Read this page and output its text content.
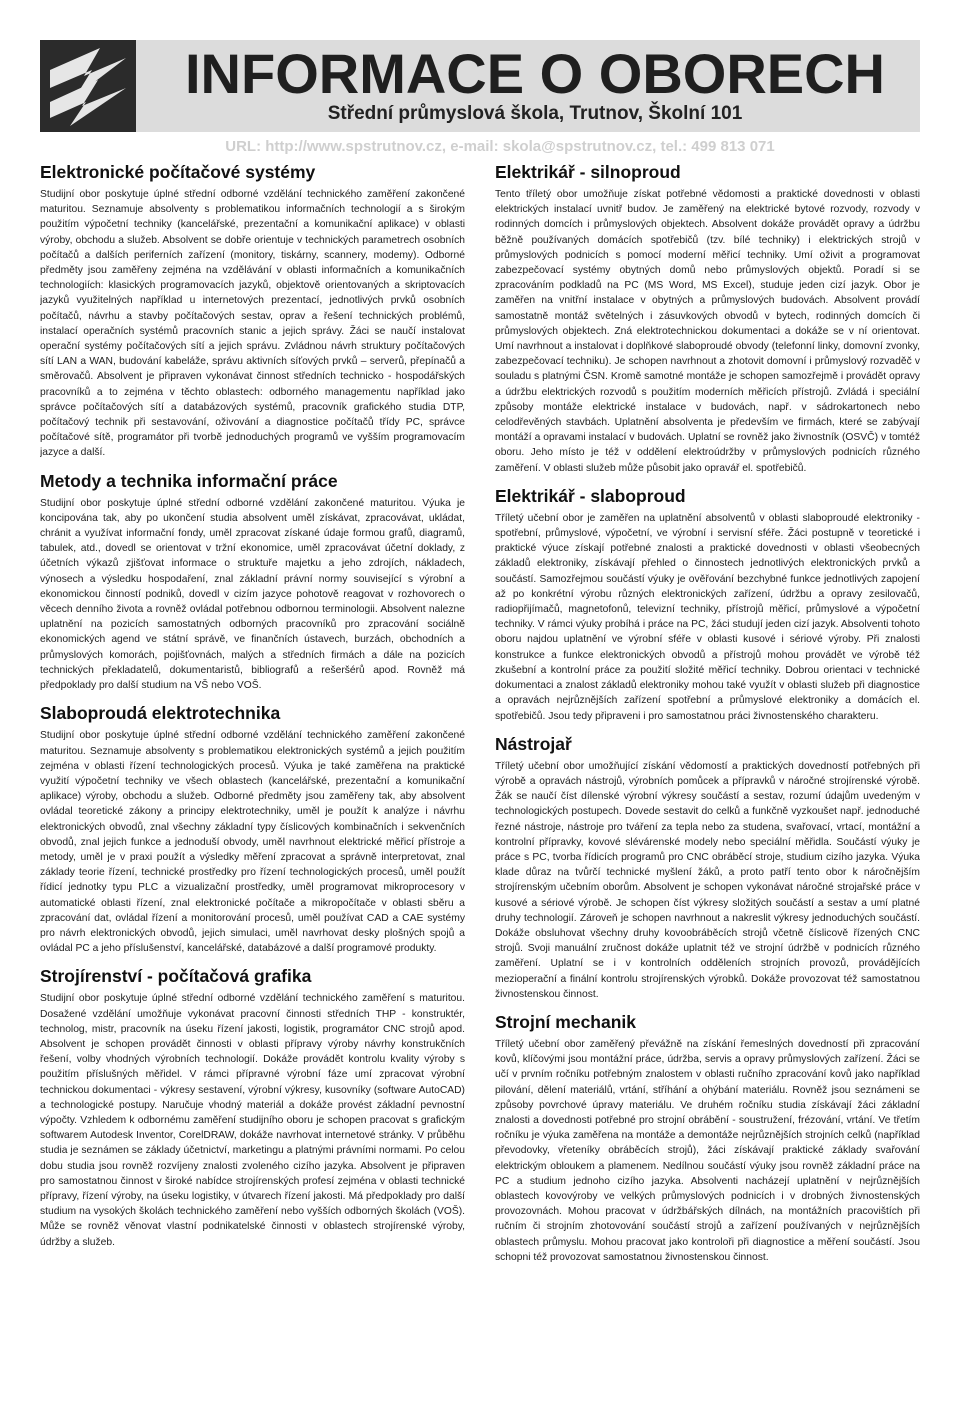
INFORMACE O OBORECH
Střední průmyslová škola, Trutnov, Školní 101
URL: http://www.spstrutnov.cz, e-mail: skola@spstrutnov.cz, tel.: 499 813 071
Elektronické počítačové systémy

Studijní obor poskytuje úplné střední odborné vzdělání technického zaměření zakončené maturitou. Seznamuje absolventy s problematikou informačních technologií a s širokým použitím výpočetní techniky (kancelářské, prezentační a komunikační aplikace) v oblasti výroby, obchodu a služeb. Absolvent se dobře orientuje v technických parametrech osobních počítačů a dalších periferních zařízení (monitory, tiskárny, scannery, modemy). Odborné předměty jsou zaměřeny zejména na vzdělávání v oblasti informačních a komunikačních technologiích: klasických programovacích jazyků, objektově orientovaných a skriptovacích jazyků využitelných například u internetových prezentací, jednotlivých prvků osobních počítačů, návrhu a stavby počítačových sestav, oprav a řešení technických problémů, instalací operačních systémů pracovních stanic a jejich správy. Žáci se naučí instalovat operační systémy počítačových sítí a jejich správu. Zvládnou návrh struktury počítačových sítí LAN a WAN, budování kabeláže, správu aktivních síťových prvků – serverů, přepínačů a směrovačů. Absolvent je připraven vykonávat činnost středních technicko - hospodářských pracovníků a to zejména v těchto oblastech: odborného managementu například jako správce počítačových sítí a databázových systémů, pracovník grafického studia DTP, počítačový technik při sestavování, oživování a diagnostice počítačů třídy PC, správce počítačové sítě, programátor při tvorbě jednoduchých programů ve vyšším programovacím jazyce a další.

Metody a technika informační práce

Studijní obor poskytuje úplné střední odborné vzdělání zakončené maturitou. Výuka je koncipována tak, aby po ukončení studia absolvent uměl získávat, zpracovávat, ukládat, chránit a využívat informační fondy, uměl zpracovat získané údaje formou grafů, diagramů, tabulek, atd., dovedl se orientovat v tržní ekonomice, uměl zpracovávat účetní doklady, z účetních výkazů zjišťovat informace o struktuře majetku a jeho zdrojích, nákladech, výnosech a výsledku hospodaření, znal základní právní normy související s výrobní a ekonomickou činností podniků, dovedl v cizím jazyce pohotově reagovat v rozhovorech o věcech denního života a rovněž ovládal potřebnou odbornou terminologii. Absolvent nalezne uplatnění na pozicích samostatných odborných pracovníků pro zpracování sociálně ekonomických agend ve státní správě, ve finančních ústavech, burzách, obchodních a průmyslových komorách, pojišťovnách, malých a středních firmách a dále na pozicích technických překladatelů, dokumentaristů, bibliografů a rešeršérů apod. Rovněž má předpoklady pro další studium na VŠ nebo VOŠ.

Slaboproudá elektrotechnika

Studijní obor poskytuje úplné střední odborné vzdělání technického zaměření zakončené maturitou. Seznamuje absolventy s problematikou elektronických systémů a jejich použitím zejména v oblasti řízení technologických procesů. Výuka je také zaměřena na praktické využití výpočetní techniky ve všech oblastech (kancelářské, prezentační a komunikační aplikace) výroby, obchodu a služeb. Odborné předměty jsou zaměřeny tak, aby absolvent ovládal teoretické zákony a principy elektrotechniky, uměl je použít k analýze i návrhu elektronických obvodů, znal všechny základní typy číslicových kombinačních i sekvenčních obvodů, znal jejich funkce a jednoduší obvody, uměl navrhnout elektrické měřicí přístroje a metody, uměl je v praxi použít a výsledky měření zpracovat a správně interpretovat, znal základy teorie řízení, technické prostředky pro řízení technologických procesů, uměl použít řídicí jednotky typu PLC a vizualizační prostředky, uměl programovat mikroprocesory v automatické oblasti řízení, znal elektronické počítače a mikropočítače v oblasti sběru a zpracování dat, ovládal řízení a monitorování procesů, uměl používat CAD a CAE systémy pro návrh elektronických obvodů, jejich simulaci, uměl navrhovat desky plošných spojů a ovládal PC a jeho příslušenství, kancelářské, databázové a další programové produkty.

Strojírenství - počítačová grafika

Studijní obor poskytuje úplné střední odborné vzdělání technického zaměření s maturitou. Dosažené vzdělání umožňuje vykonávat pracovní činnosti středních THP - konstruktér, technolog, mistr, pracovník na úseku řízení jakosti, logistik, programátor CNC strojů apod. Absolvent je schopen provádět činnosti v oblasti přípravy výroby návrhy konstrukčních řešení, volby vhodných výrobních technologií. Dokáže provádět kontrolu kvality výroby s použitím příslušných měřidel. V rámci přípravné výrobní fáze umí zpracovat výrobní technickou dokumentaci - výkresy sestavení, výrobní výkresy, kusovníky (software AutoCAD) a technologické postupy. Naručuje vhodný materiál a dokáže provést základní pevnostní výpočty. Vzhledem k odbornému zaměření studijního oboru je schopen pracovat s grafickým softwarem Autodesk Inventor, CorelDRAW, dokáže navrhovat internetové stránky. V průběhu studia je seznámen se základy účetnictví, marketingu a platnými právními normami. Po celou dobu studia jsou rovněž rozvíjeny znalosti zvoleného cizího jazyka. Absolvent je připraven pro samostatnou činnost v široké nabídce strojírenských profesí zejména v oblasti technické přípravy, řízení výroby, na úseku logistiky, v útvarech řízení jakosti. Má předpoklady pro další studium na vysokých školách technického zaměření nebo vyšších odborných školách (VOŠ). Může se rovněž věnovat vlastní podnikatelské činnosti v oblastech strojírenské výroby, údržby a služeb.

Elektrikář - silnoproud

Tento tříletý obor umožňuje získat potřebné vědomosti a praktické dovednosti v oblasti elektrických instalací uvnitř budov. Je zaměřený na elektrické bytové rozvody, rozvody v rodinných domcích i průmyslových objektech. Absolvent dokáže provádět opravy a údržbu běžně používaných domácích spotřebičů (tzv. bílé techniky) i elektrických strojů v průmyslových podnicích s pomocí moderní měřicí techniky. Umí oživit a programovat zabezpečovací systémy obytných domů nebo průmyslových objektů. Poradí si se zpracováním podkladů na PC (MS Word, MS Excel), studuje jeden cizí jazyk. Obor je zaměřen na vnitřní instalace v obytných a průmyslových budovách. Absolvent provádí samostatně montáž světelných i zásuvkových obvodů v bytech, rodinných domcích či průmyslových objektech. Zná elektrotechnickou dokumentaci a dokáže se v ní orientovat. Umí navrhnout a instalovat i doplňkové slaboproudé obvody (telefonní linky, domovní zvonky, zabezpečovací techniku). Je schopen navrhnout a zhotovit domovní i průmyslový rozvaděč v souladu s platnými ČSN. Kromě samotné montáže je schopen samozřejmě i provádět opravy a údržbu elektrických rozvodů s použitím moderních měřicích přístrojů. Zvládá i speciální způsoby montáže elektrické instalace v budovách, např. v sádrokartonech nebo celodřevěných stavbách. Uplatnění absolventa je především ve firmách, které se zabývají montáží a opravami instalací v budovách. Uplatní se rovněž jako živnostník (OSVČ) v tomtéž oboru. Jeho místo je též v oddělení elektroúdržby v průmyslových podnicích různého zaměření. V oblasti služeb může působit jako opravář el. spotřebičů.

Elektrikář - slaboproud

Tříletý učební obor je zaměřen na uplatnění absolventů v oblasti slaboproudé elektroniky - spotřební, průmyslové, výpočetní, ve výrobní i servisní sféře. Žáci postupně v teoretické i praktické výuce získají potřebné znalosti a praktické dovednosti v oblasti všeobecných základů elektroniky, získávají přehled o činnostech jednotlivých elektronických prvků a součástí. Samozřejmou součástí výuky je ověřování bezchybné funkce jednotlivých zapojení až po konkrétní výrobu různých elektronických zařízení, údržbu a opravy zesilovačů, radiopřijímačů, magnetofonů, televizní techniky, přístrojů měřicí, průmyslové a výpočetní techniky. V rámci výuky probíhá i práce na PC, žáci studují jeden cizí jazyk. Absolventi tohoto oboru najdou uplatnění ve výrobní sféře v oblasti kusové i sériové výroby. Při znalosti konstrukce a funkce elektronických obvodů a přístrojů mohou provádět ve výrobě též zkušební a kontrolní práce za použití složité měřicí techniky. Dobrou orientaci v technické dokumentaci a znalost základů elektroniky mohou také využít v oblasti služeb při diagnostice a opravách nejrůznějších zařízení spotřební a průmyslové elektroniky a domácích el. spotřebičů. Jsou tedy připraveni i pro samostatnou práci živnostenského charakteru.

Nástrojař

Tříletý učební obor umožňující získání vědomostí a praktických dovedností potřebných při výrobě a opravách nástrojů, výrobních pomůcek a přípravků v náročné strojírenské výrobě. Žák se naučí číst dílenské výrobní výkresy součástí a sestav, rozumí údajům uvedeným v technologických postupech. Dovede sestavit do celků a funkčně vyzkoušet např. jednoduché řezné nástroje, nástroje pro tváření za tepla nebo za studena, svařovací, vrtací, montážní a kontrolní přípravky, kovové slévárenské modely nebo speciální měřidla. Součástí výuky je práce s PC, tvorba řídicích programů pro CNC obráběcí stroje, studium cizího jazyka. Výuka klade důraz na tvůrčí technické myšlení žáků, a proto patří tento obor k náročnějším strojírenským učebním oborům. Absolvent je schopen vykonávat náročné strojařské práce v kusové a sériové výrobě. Je schopen číst výkresy složitých součástí a sestav a umí platné druhy technologií. Zároveň je schopen navrhnout a nakreslit výkresy jednoduchých součástí. Dokáže obsluhovat všechny druhy kovoobráběcích strojů včetně číslicově řízených CNC strojů. Svoji manuální zručnost dokáže uplatnit též ve strojní údržbě v podnicích různého zaměření. Uplatní se i v kontrolních odděleních strojních provozů, provádějících mezioperační a finální kontrolu strojírenských výrobků. Dokáže provozovat též samostatnou živnostenskou činnost.

Strojní mechanik

Tříletý učební obor zaměřený převážně na získání řemeslných dovedností při zpracování kovů, klíčovými jsou montážní práce, údržba, servis a opravy průmyslových zařízení. Žáci se učí v prvním ročníku potřebným znalostem v oblasti ručního zpracování kovů jako například pilování, dělení materiálů, vrtání, stříhání a ohýbání materiálu. Rovněž jsou seznámeni se způsoby povrchové úpravy materiálu. Ve druhém ročníku studia získávají žáci základní znalosti a dovednosti potřebné pro strojní obrábění - soustružení, frézování, vrtání. Ve třetím ročníku je výuka zaměřena na montáže a demontáže nejrůznějších strojních celků (například převodovky, vřeteníky obráběcích strojů), žáci získávají praktické základy svařování elektrickým obloukem a plamenem. Nedílnou součástí výuky jsou rovněž základní práce na PC a studium jednoho cizího jazyka. Absolventi nacházejí uplatnění v nejrůznějších oblastech kovovýroby ve velkých průmyslových podnicích i v drobných živnostenských provozovnách. Mohou pracovat v údržbářských dílnách, na montážních pracovištích při ručním či strojním zhotovování součástí strojů a zařízení používaných v nejrůznějších oblastech průmyslu. Mohou pracovat jako kontroloři při diagnostice a měření součástí. Jsou schopni též provozovat samostatnou živnostenskou činnost.
